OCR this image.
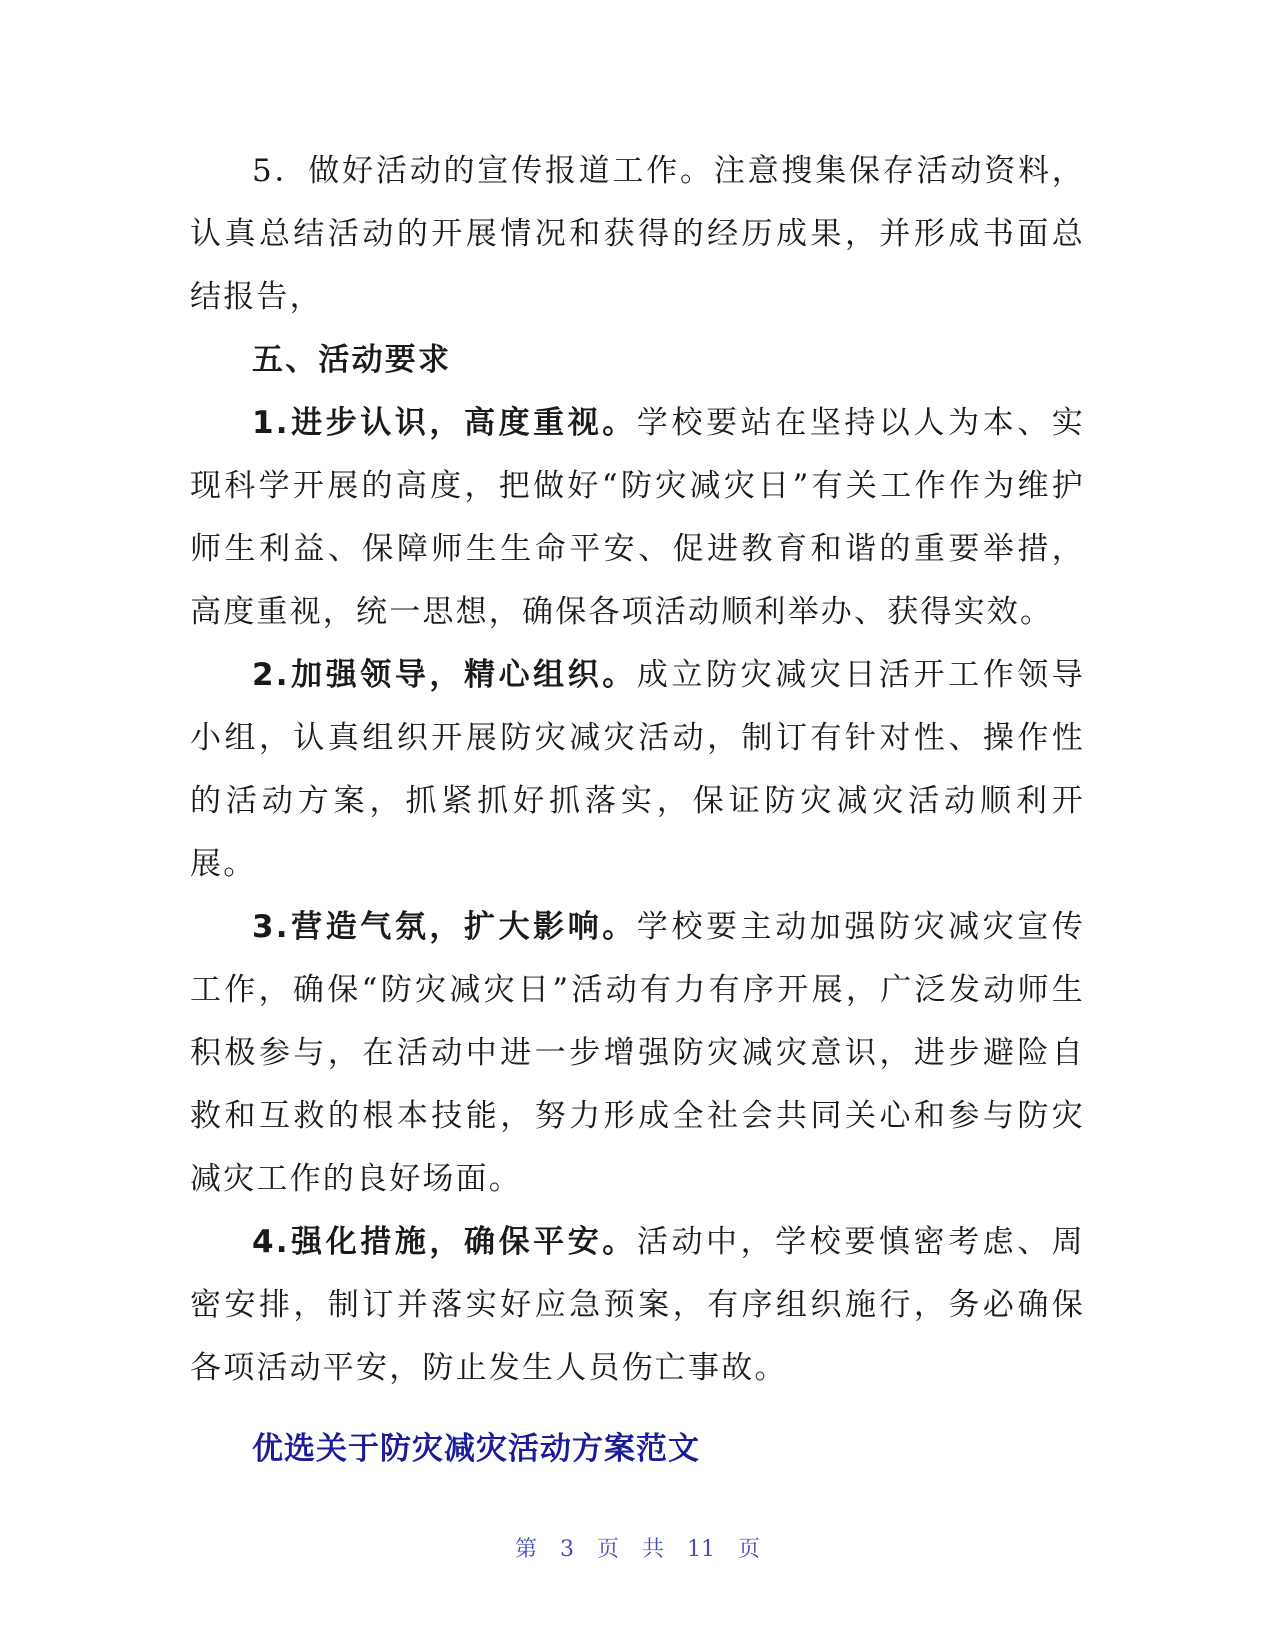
5．做好活动的宣传报道工作。注意搜集保存活动资料，认真总结活动的开展情况和获得的经历成果，并形成书面总结报告，

五、活动要求

1.进步认识，高度重视。学校要站在坚持以人为本、实现科学开展的高度，把做好“防灾减灾日”有关工作作为维护师生利益、保障师生生命平安、促进教育和谐的重要举措，高度重视，统一思想，确保各项活动顺利举办、获得实效。

2.加强领导，精心组织。成立防灾减灾日活开工作领导小组，认真组织开展防灾减灾活动，制订有针对性、操作性的活动方案，抓紧抓好抓落实，保证防灾减灾活动顺利开展。

3.营造气氛，扩大影响。学校要主动加强防灾减灾宣传工作，确保“防灾减灾日”活动有力有序开展，广泛发动师生积极参与，在活动中进一步增强防灾减灾意识，进步避险自救和互救的根本技能，努力形成全社会共同关心和参与防灾减灾工作的良好场面。

4.强化措施，确保平安。活动中，学校要慎密考虑、周密安排，制订并落实好应急预案，有序组织施行，务必确保各项活动平安，防止发生人员伤亡事故。

优选关于防灾减灾活动方案范文

第 3 页 共 11 页
